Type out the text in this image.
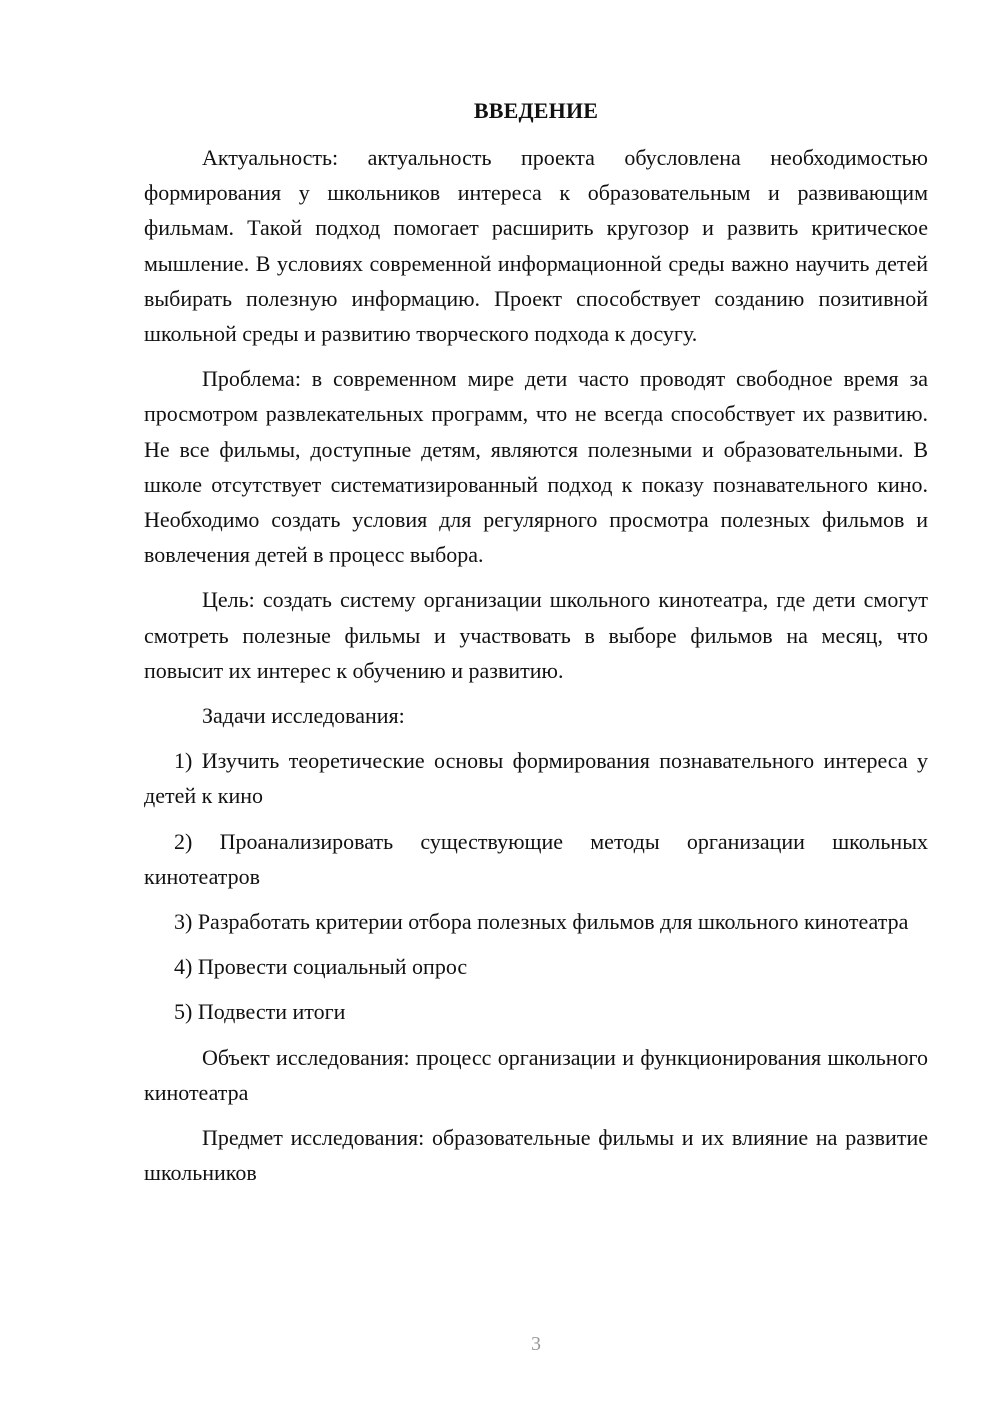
ВВЕДЕНИЕ

Актуальность: актуальность проекта обусловлена необходимостью формирования у школьников интереса к образовательным и развивающим фильмам. Такой подход помогает расширить кругозор и развить критическое мышление. В условиях современной информационной среды важно научить детей выбирать полезную информацию. Проект способствует созданию позитивной школьной среды и развитию творческого подхода к досугу.

Проблема: в современном мире дети часто проводят свободное время за просмотром развлекательных программ, что не всегда способствует их развитию. Не все фильмы, доступные детям, являются полезными и образовательными. В школе отсутствует систематизированный подход к показу познавательного кино. Необходимо создать условия для регулярного просмотра полезных фильмов и вовлечения детей в процесс выбора.

Цель: создать систему организации школьного кинотеатра, где дети смогут смотреть полезные фильмы и участвовать в выборе фильмов на месяц, что повысит их интерес к обучению и развитию.

Задачи исследования:

1) Изучить теоретические основы формирования познавательного интереса у детей к кино

2) Проанализировать существующие методы организации школьных кинотеатров

3) Разработать критерии отбора полезных фильмов для школьного кинотеатра

4) Провести социальный опрос

5) Подвести итоги

Объект исследования: процесс организации и функционирования школьного кинотеатра

Предмет исследования: образовательные фильмы и их влияние на развитие школьников

3
